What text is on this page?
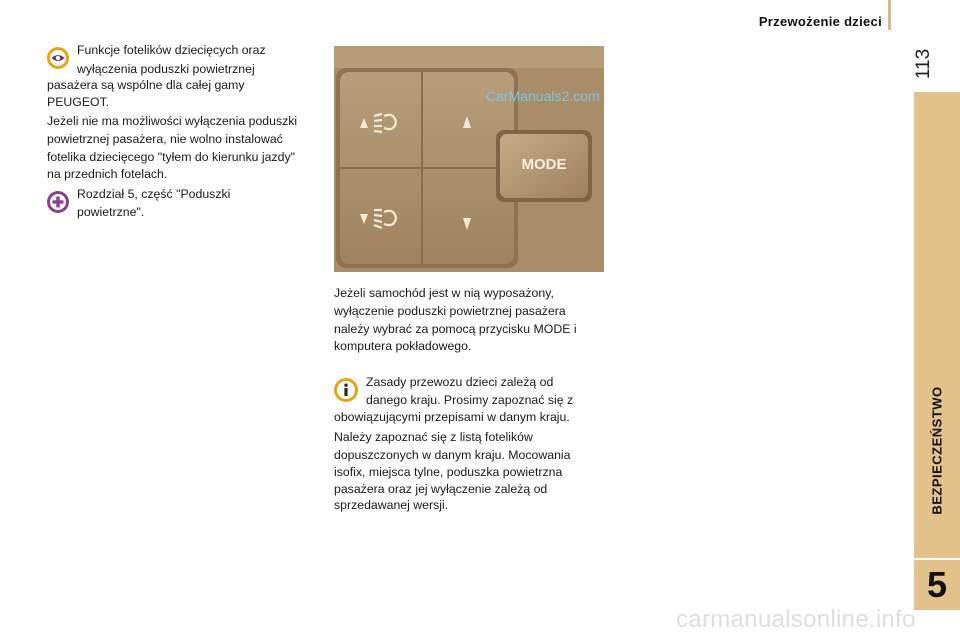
Przewożenie dzieci
113
BEZPIECZEŃSTWO
5

Funkcje fotelików dziecięcych oraz

wyłączenia poduszki powietrznej

pasażera są wspólne dla całej gamy

PEUGEOT.

Jeżeli nie ma możliwości wyłączenia poduszki

powietrznej pasażera, nie wolno instalować

fotelika dziecięcego "tyłem do kierunku jazdy"

na przednich fotelach.

Rozdział 5, część "Poduszki

powietrzne".

MODE
CarManuals2.com

Jeżeli samochód jest w nią wyposażony,

wyłączenie poduszki powietrznej pasażera

należy wybrać za pomocą przycisku MODE i

komputera pokładowego.

Zasady przewozu dzieci zależą od

danego kraju. Prosimy zapoznać się z

obowiązującymi przepisami w danym kraju.

Należy zapoznać się z listą fotelików

dopuszczonych w danym kraju. Mocowania

isofix, miejsca tylne, poduszka powietrzna

pasażera oraz jej wyłączenie zależą od

sprzedawanej wersji.

carmanualsonline.info
